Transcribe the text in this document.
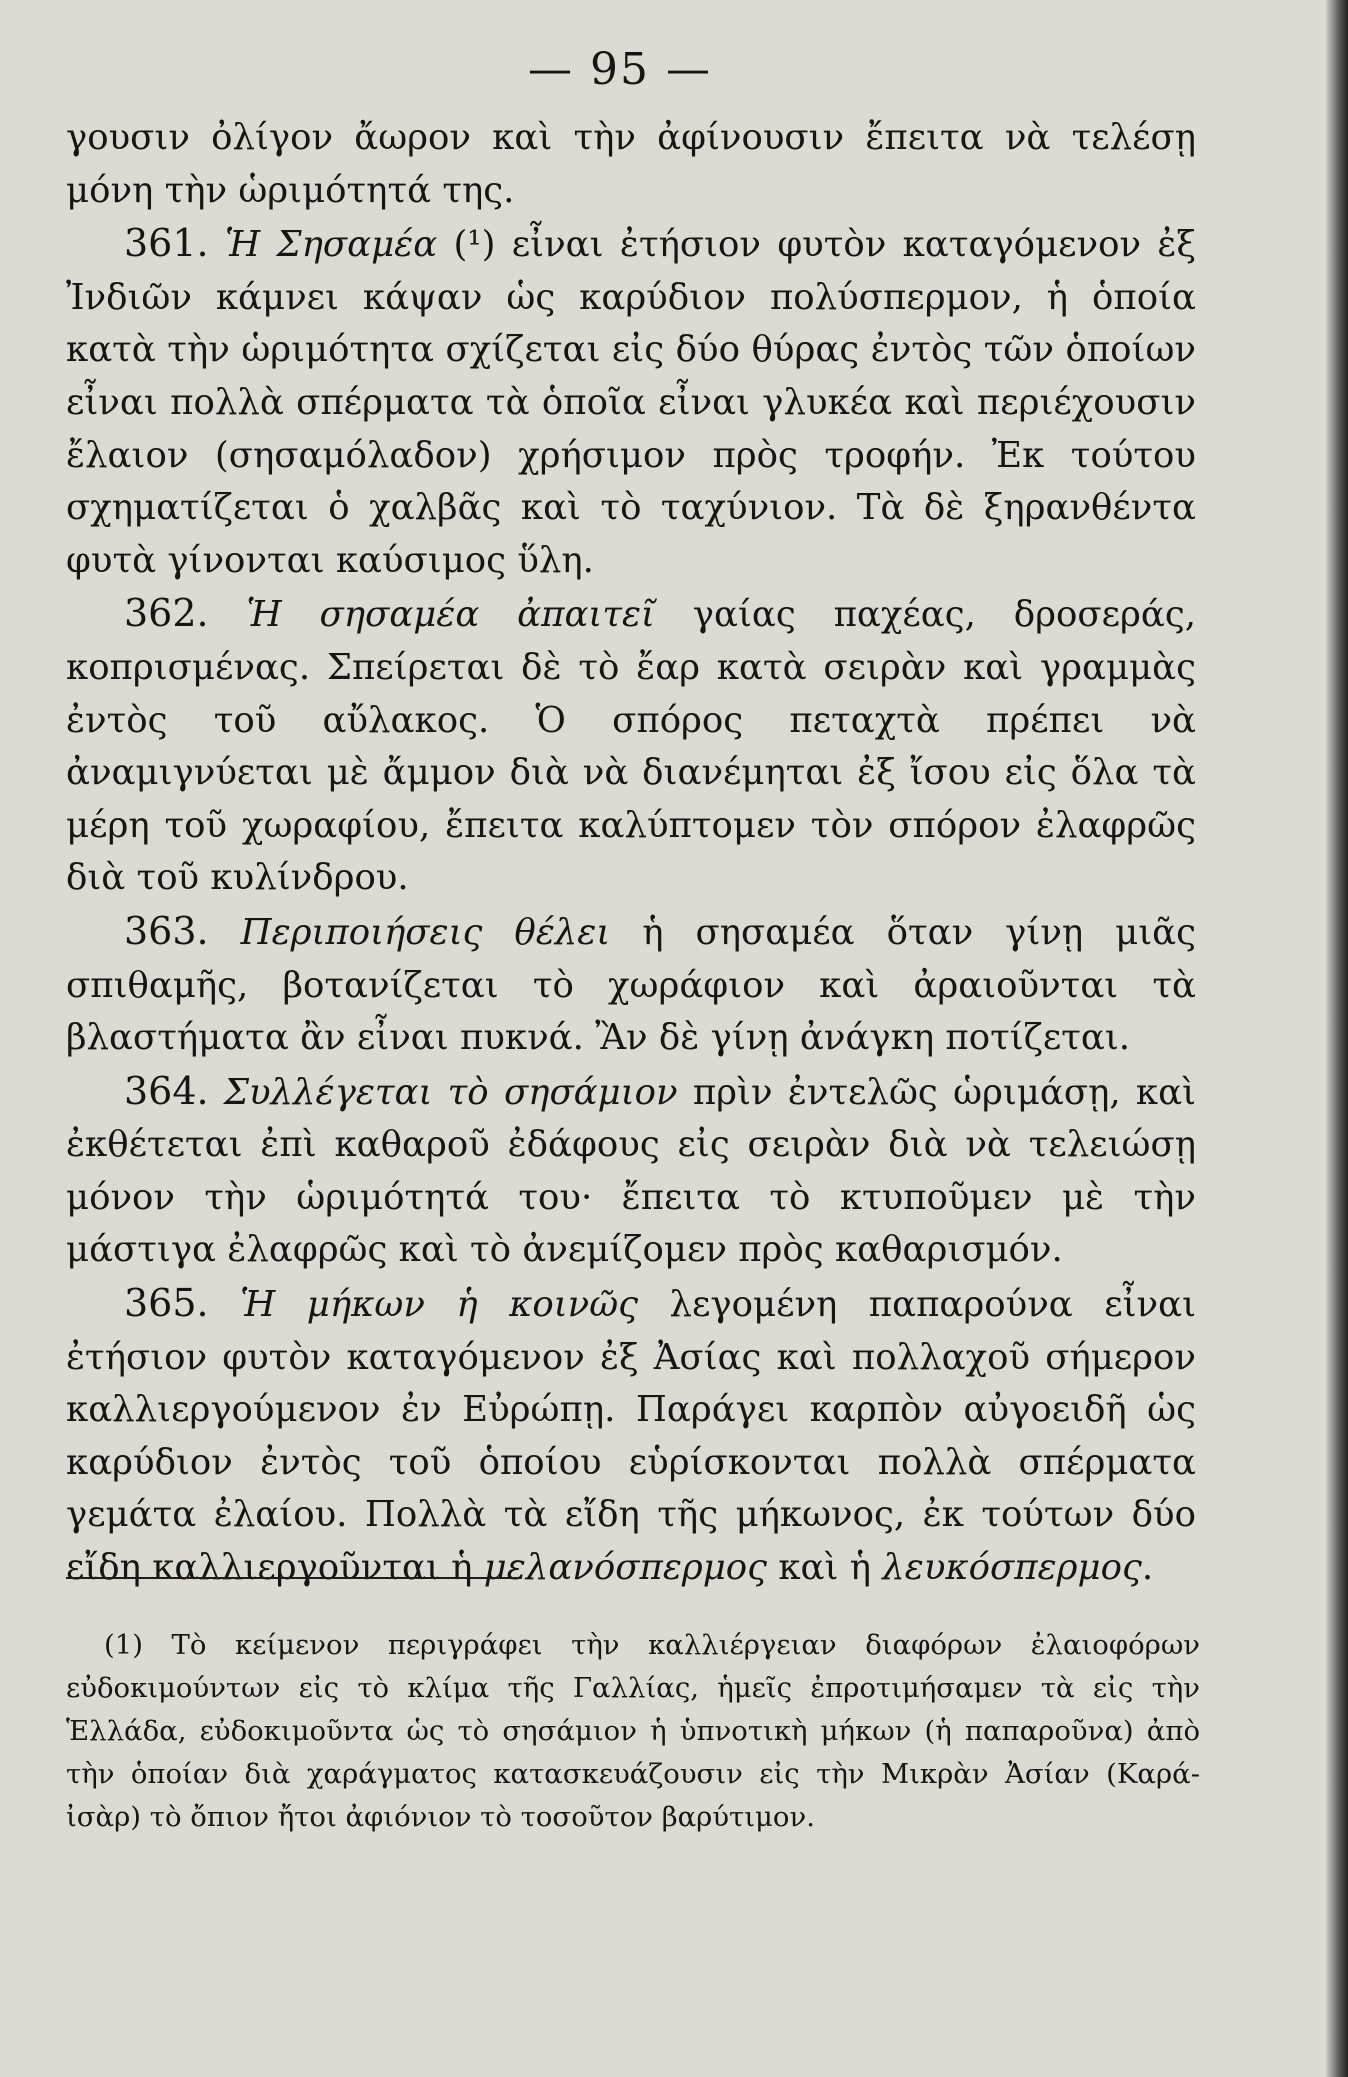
— 95 —

γουσιν ὀλίγον ἄωρον καὶ τὴν ἀφίνουσιν ἔπειτα νὰ τελέσῃ μόνη τὴν ὡριμότητά της.

361. Ἡ Σησαμέα (¹) εἶναι ἐτήσιον φυτὸν καταγόμενον ἐξ Ἰνδιῶν κάμνει κάψαν ὡς καρύδιον πολύσπερμον, ἡ ὁποία κατὰ τὴν ὡριμότητα σχίζεται εἰς δύο θύρας ἐντὸς τῶν ὁποίων εἶναι πολλὰ σπέρματα τὰ ὁποῖα εἶναι γλυκέα καὶ περιέχουσιν ἔλαιον (σησαμόλαδον) χρήσιμον πρὸς τροφήν. Ἐκ τούτου σχηματίζεται ὁ χαλβᾶς καὶ τὸ ταχύνιον. Τὰ δὲ ξηρανθέντα φυτὰ γίνονται καύσιμος ὕλη.

362. Ἡ σησαμέα ἀπαιτεῖ γαίας παχέας, δροσεράς, κοπρισμένας. Σπείρεται δὲ τὸ ἔαρ κατὰ σειρὰν καὶ γραμμὰς ἐντὸς τοῦ αὔλακος. Ὁ σπόρος πεταχτὰ πρέπει νὰ ἀναμιγνύεται μὲ ἄμμον διὰ νὰ διανέμηται ἐξ ἴσου εἰς ὅλα τὰ μέρη τοῦ χωραφίου, ἔπειτα καλύπτομεν τὸν σπόρον ἐλαφρῶς διὰ τοῦ κυλίνδρου.

363. Περιποιήσεις θέλει ἡ σησαμέα ὅταν γίνῃ μιᾶς σπιθαμῆς, βοτανίζεται τὸ χωράφιον καὶ ἀραιοῦνται τὰ βλαστήματα ἂν εἶναι πυκνά. Ἂν δὲ γίνῃ ἀνάγκη ποτίζεται.

364. Συλλέγεται τὸ σησάμιον πρὶν ἐντελῶς ὡριμάσῃ, καὶ ἐκθέτεται ἐπὶ καθαροῦ ἐδάφους εἰς σειρὰν διὰ νὰ τελειώσῃ μόνον τὴν ὡριμότητά του· ἔπειτα τὸ κτυποῦμεν μὲ τὴν μάστιγα ἐλαφρῶς καὶ τὸ ἀνεμίζομεν πρὸς καθαρισμόν.

365. Ἡ μήκων ἡ κοινῶς λεγομένη παπαρούνα εἶναι ἐτήσιον φυτὸν καταγόμενον ἐξ Ἀσίας καὶ πολλαχοῦ σήμερον καλλιεργούμενον ἐν Εὐρώπῃ. Παράγει καρπὸν αὐγοειδῆ ὡς καρύδιον ἐντὸς τοῦ ὁποίου εὑρίσκονται πολλὰ σπέρματα γεμάτα ἐλαίου. Πολλὰ τὰ εἴδη τῆς μήκωνος, ἐκ τούτων δύο εἴδη καλλιεργοῦνται ἡ μελανόσπερμος καὶ ἡ λευκόσπερμος.

(1) Τὸ κείμενον περιγράφει τὴν καλλιέργειαν διαφόρων ἐλαιοφόρων εὐδοκιμούντων εἰς τὸ κλίμα τῆς Γαλλίας, ἡμεῖς ἐπροτιμήσαμεν τὰ εἰς τὴν Ἑλλάδα, εὐδοκιμοῦντα ὡς τὸ σησάμιον ἡ ὑπνοτικὴ μήκων (ἡ παπαροῦνα) ἀπὸ τὴν ὁποίαν διὰ χαράγματος κατασκευάζουσιν εἰς τὴν Μικρὰν Ἀσίαν (Καρά-ἰσὰρ) τὸ ὄπιον ἤτοι ἀφιόνιον τὸ τοσοῦτον βαρύτιμον.
